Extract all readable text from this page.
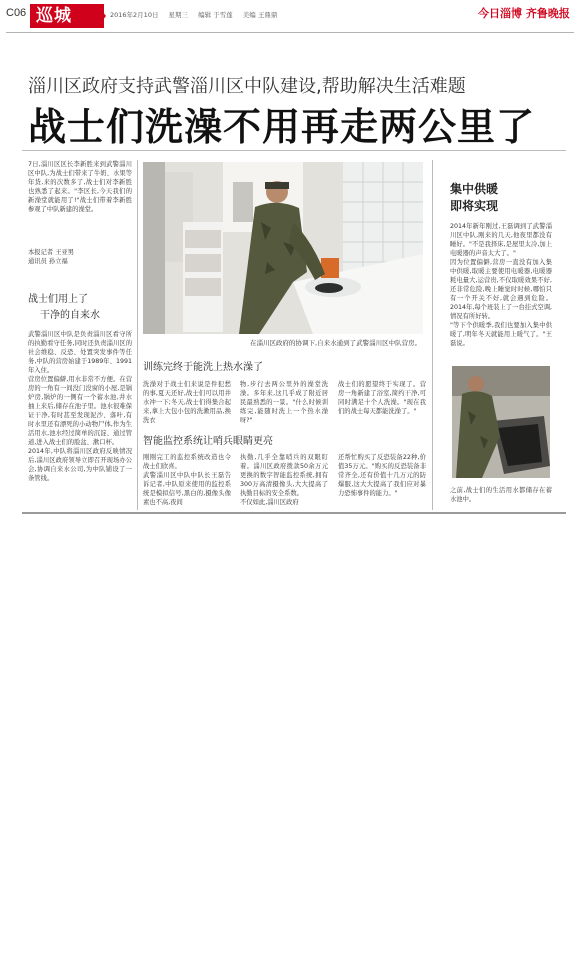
C06 巡城	2016年2月10日 星期三 编辑 于雪莲 美编 王鼎鼎	今日淄博 齐鲁晚报
淄川区政府支持武警淄川区中队建设,帮助解决生活难题
战士们洗澡不用再走两公里了
7日,淄川区区长李新胜来到武警淄川区中队,为战士们带来了牛奶、水果等年货,来的次数多了,战士们对李新胜也熟悉了起来。"李区长,今天我们的新澡堂就能用了!"战士们带着李新胜参观了中队新建的澡堂。
本报记者 王亚男
通讯员 孙立福
战士们用上了
干净的自来水
武警淄川区中队是负责淄川区看守所的执勤看守任务,同时还负责淄川区的社会维稳、反恐、处置突发事件等任务,中队的营房始建于1989年、1991年入住。
营房位置偏僻,用水非常不方便。在营房的一角有一间没门没窗的小屋,是锅炉房,锅炉的一侧有一个蓄水池,井水抽上来后,储存在池子里。池水很难保证干净,有时甚至发现泥沙、落叶,有时水里还有漂死的小动物尸体,作为生活用水,池水经过简单的沉淀、通过管道,进入战士们的脸盆、漱口杯。
2014年,中队将淄川区政府反映情况后,淄川区政府领导立即召开现场办公会,协调自来水公司,为中队铺设了一条管线。
在淄川区政府的协调下,自来水通到了武警淄川区中队营房。
训练完终于能洗上热水澡了
洗澡对于战士们来说是件犯愁的事,夏天还好,战士们可以用井水冲一下;冬天,战士们得集合起来,拿上大包小包的洗漱用品,换洗衣
物,步行去两公里外的澡堂洗澡。多年来,这几乎成了附近居民最熟悉的一景。"什么时候训练完,能随时洗上一个热水澡呀?"
战士们的愿望终于实现了。营房一角新建了浴室,简约干净,可同时满足十个人洗澡。"现在我们的战士每天都能洗澡了。"
智能监控系统让哨兵眼睛更亮
刚刚完工的监控系统改造也令战士们欣喜。
武警淄川区中队中队长王磊告诉记者,中队原来使用的监控系统是模拟信号,黑白的,摄像头像素也不高,夜间
执勤,几乎全靠哨兵的双眼盯着。淄川区政府拨款50余万元更换的数字智能监控系统,拥有300万高清摄像头,大大提高了执勤目标的安全系数。
不仅如此,淄川区政府
还帮忙购买了反恐装备22种,价值35万元。"购买的反恐装备非常齐全,还有价值十几万元的防爆服,这大大提高了我们应对暴力恐怖事件的能力。"
集中供暖
即将实现
2014年新年刚过,王磊调到了武警淄川区中队,刚来的几天,他夜里都没有睡好。"不是我择床,是屋里太冷,加上电暖器的声音太大了。"
因为位置偏僻,营房一直没有加入集中供暖,取暖主要使用电暖器,电暖器耗电量大,运营贵,不仅取暖效果不好,还非常危险,晚上睡觉时时候,哪怕只有一个开关不好,就会遇到危险。2014年,每个班装上了一台挂式空调,情况有所好转。
"等下个供暖季,我们也要加入集中供暖了,明年冬天就能用上暖气了。"王磊说。
之前,战士们的生活用水都储存在蓄水池中。
